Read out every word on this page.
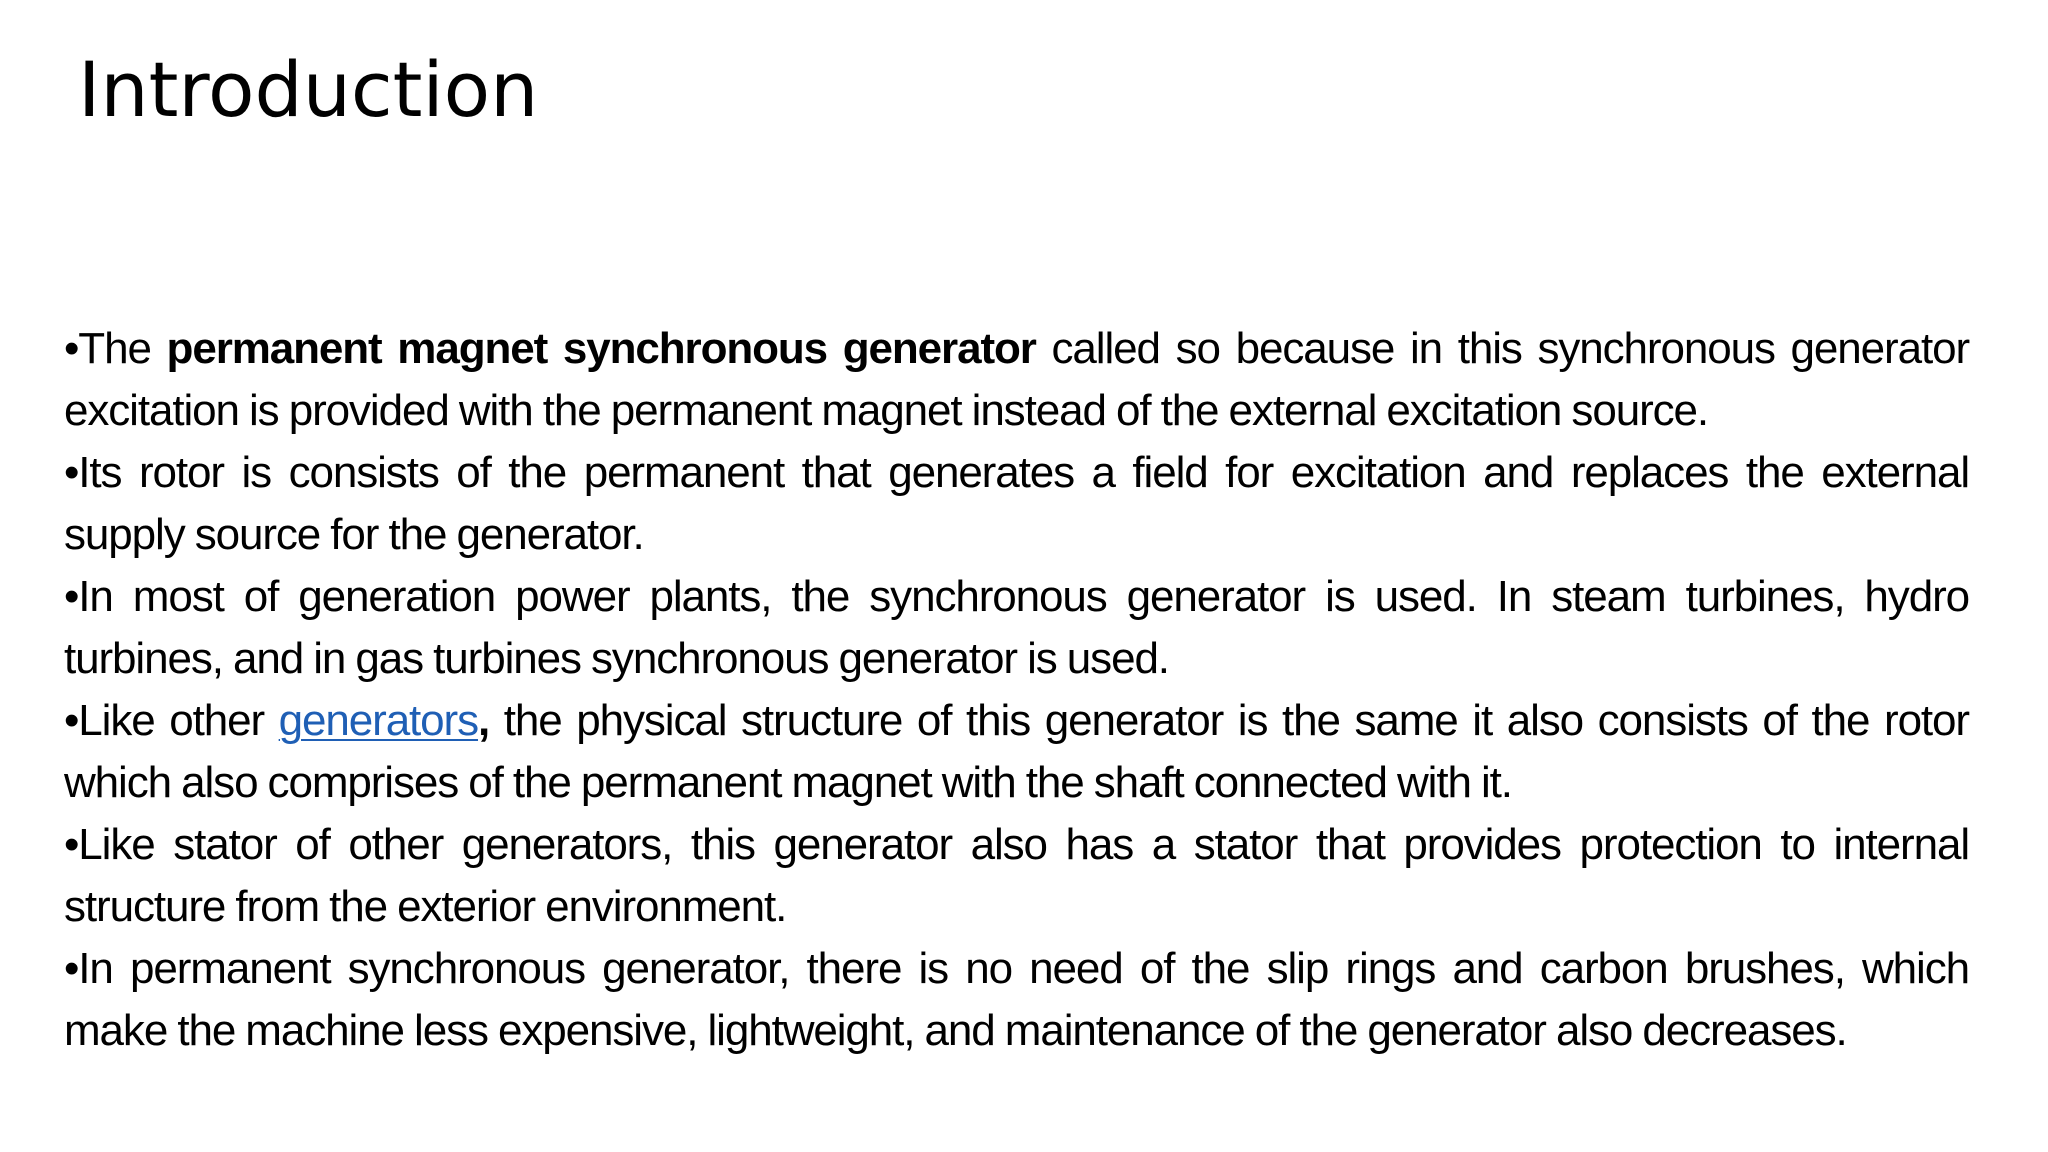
Introduction

•The permanent magnet synchronous generator called so because in this synchronous generator excitation is provided with the permanent magnet instead of the external excitation source.

•Its rotor is consists of the permanent that generates a field for excitation and replaces the external supply source for the generator.

•In most of generation power plants, the synchronous generator is used. In steam turbines, hydro turbines, and in gas turbines synchronous generator is used.

•Like other generators, the physical structure of this generator is the same it also consists of the rotor which also comprises of the permanent magnet with the shaft connected with it.

•Like stator of other generators, this generator also has a stator that provides protection to internal structure from the exterior environment.

•In permanent synchronous generator, there is no need of the slip rings and carbon brushes, which make the machine less expensive, lightweight, and maintenance of the generator also decreases.
